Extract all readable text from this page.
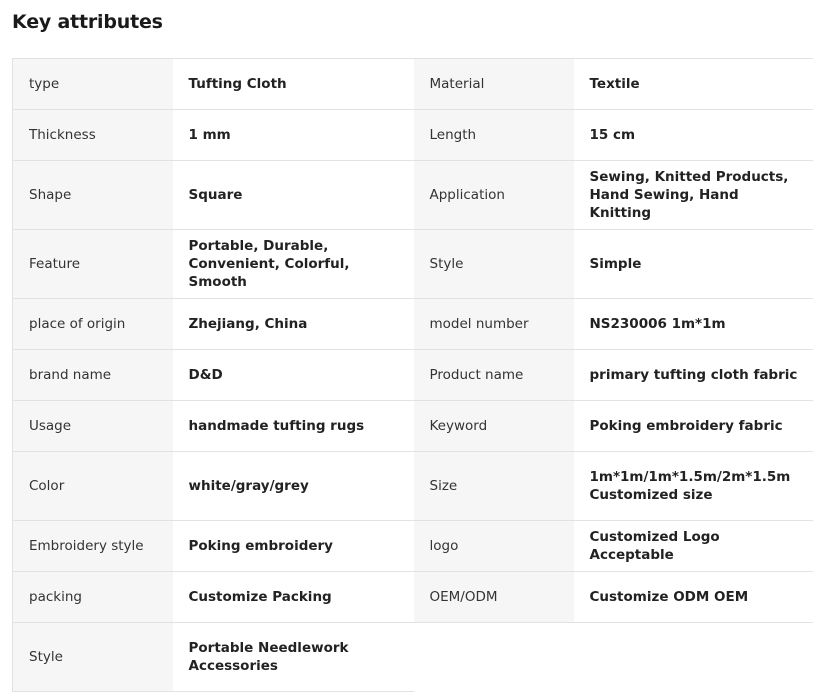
Key attributes
type	Tufting Cloth	Material	Textile
Thickness	1 mm	Length	15 cm
Shape	Square	Application	Sewing, Knitted Products, Hand Sewing, Hand Knitting
Feature	Portable, Durable, Convenient, Colorful, Smooth	Style	Simple
place of origin	Zhejiang, China	model number	NS230006 1m*1m
brand name	D&D	Product name	primary tufting cloth fabric
Usage	handmade tufting rugs	Keyword	Poking embroidery fabric
Color	white/gray/grey	Size	1m*1m/1m*1.5m/2m*1.5m Customized size
Embroidery style	Poking embroidery	logo	Customized Logo Acceptable
packing	Customize Packing	OEM/ODM	Customize ODM OEM
Style	Portable Needlework Accessories		
